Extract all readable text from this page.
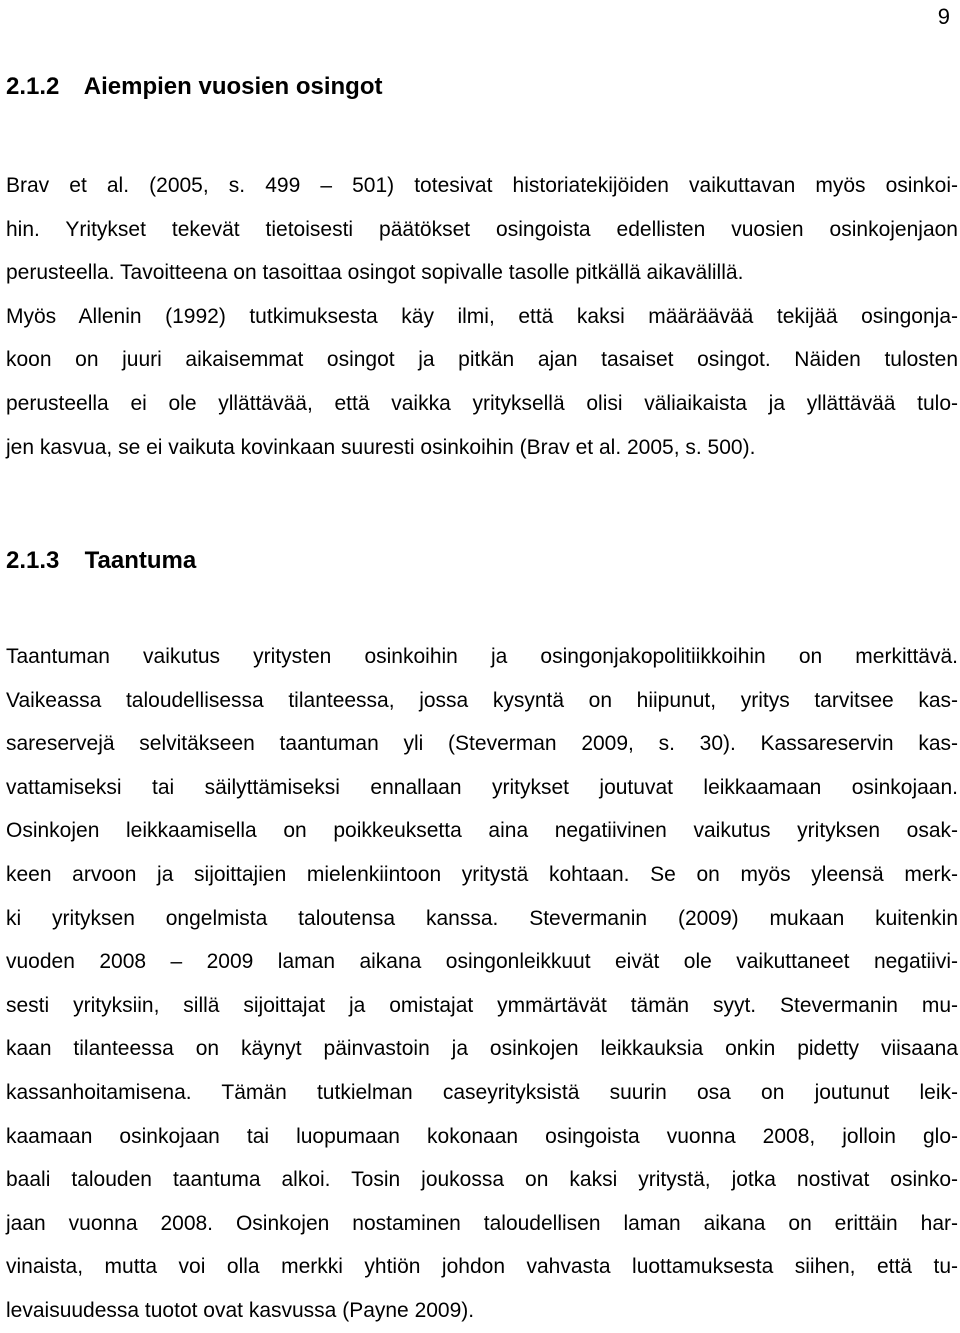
9
2.1.2 Aiempien vuosien osingot
Brav et al. (2005, s. 499 – 501) totesivat historiatekijöiden vaikuttavan myös osinkoi-
hin. Yritykset tekevät tietoisesti päätökset osingoista edellisten vuosien osinkojenjaon
perusteella. Tavoitteena on tasoittaa osingot sopivalle tasolle pitkällä aikavälillä.
Myös Allenin (1992) tutkimuksesta käy ilmi, että kaksi määräävää tekijää osingonja-
koon on juuri aikaisemmat osingot ja pitkän ajan tasaiset osingot. Näiden tulosten
perusteella ei ole yllättävää, että vaikka yrityksellä olisi väliaikaista ja yllättävää tulo-
jen kasvua, se ei vaikuta kovinkaan suuresti osinkoihin (Brav et al. 2005, s. 500).
2.1.3 Taantuma
Taantuman vaikutus yritysten osinkoihin ja osingonjakopolitiikkoihin on merkittävä.
Vaikeassa taloudellisessa tilanteessa, jossa kysyntä on hiipunut, yritys tarvitsee kas-
sareservejä selvitäkseen taantuman yli (Steverman 2009, s. 30). Kassareservin kas-
vattamiseksi tai säilyttämiseksi ennallaan yritykset joutuvat leikkaamaan osinkojaan.
Osinkojen leikkaamisella on poikkeuksetta aina negatiivinen vaikutus yrityksen osak-
keen arvoon ja sijoittajien mielenkiintoon yritystä kohtaan. Se on myös yleensä merk-
ki yrityksen ongelmista taloutensa kanssa. Stevermanin (2009) mukaan kuitenkin
vuoden 2008 – 2009 laman aikana osingonleikkuut eivät ole vaikuttaneet negatiivi-
sesti yrityksiin, sillä sijoittajat ja omistajat ymmärtävät tämän syyt. Stevermanin mu-
kaan tilanteessa on käynyt päinvastoin ja osinkojen leikkauksia onkin pidetty viisaana
kassanhoitamisena. Tämän tutkielman caseyrityksistä suurin osa on joutunut leik-
kaamaan osinkojaan tai luopumaan kokonaan osingoista vuonna 2008, jolloin glo-
baali talouden taantuma alkoi. Tosin joukossa on kaksi yritystä, jotka nostivat osinko-
jaan vuonna 2008. Osinkojen nostaminen taloudellisen laman aikana on erittäin har-
vinaista, mutta voi olla merkki yhtiön johdon vahvasta luottamuksesta siihen, että tu-
levaisuudessa tuotot ovat kasvussa (Payne 2009).
